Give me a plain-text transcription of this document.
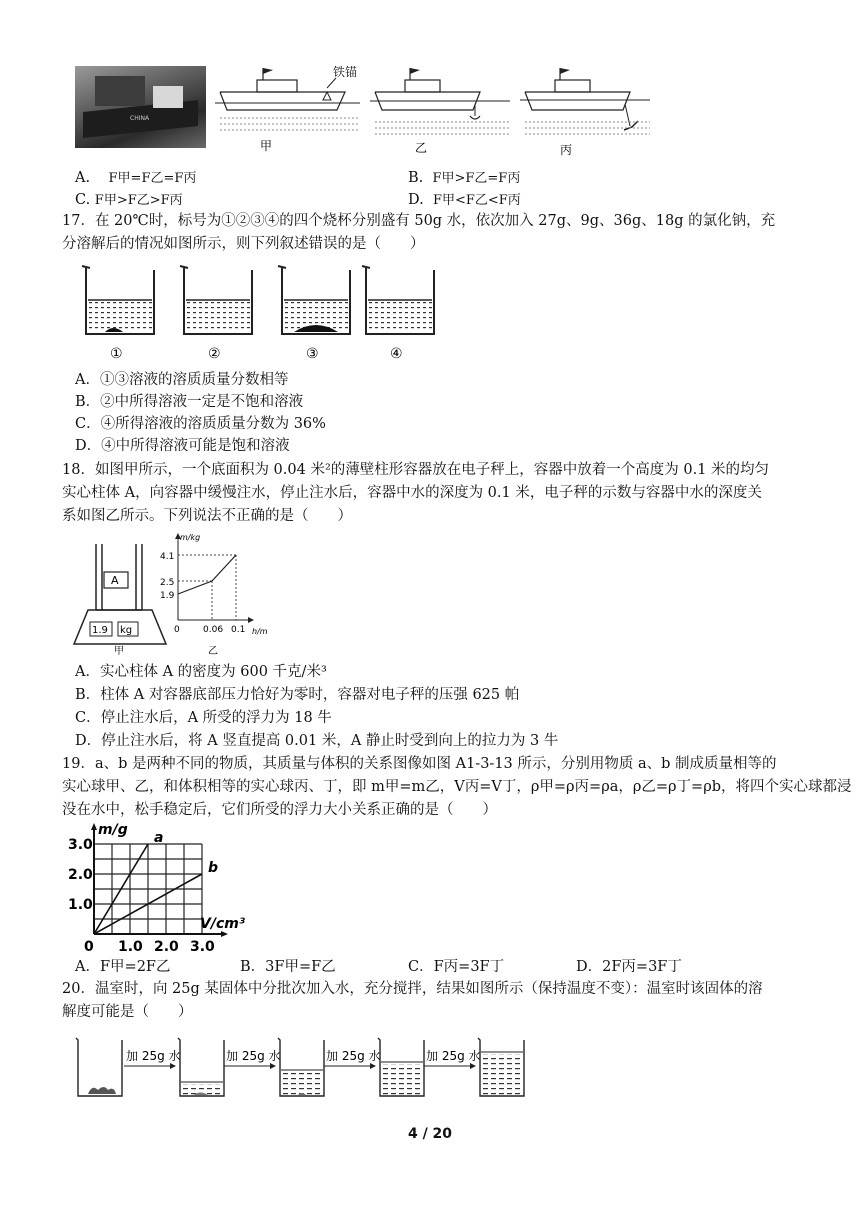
CHINA
铁锚
甲	乙	丙
A. F甲=F乙=F丙	B. F甲>F乙=F丙
C. F甲>F乙>F丙	D. F甲<F乙<F丙
17．在 20℃时，标号为①②③④的四个烧杯分别盛有 50g 水，依次加入 27g、9g、36g、18g 的氯化钠，充
分溶解后的情况如图所示，则下列叙述错误的是（　　）
①	②	③	④
A．①③溶液的溶质质量分数相等
B．②中所得溶液一定是不饱和溶液
C．④所得溶液的溶质质量分数为 36%
D．④中所得溶液可能是饱和溶液
18．如图甲所示，一个底面积为 0.04 米²的薄壁柱形容器放在电子秤上，容器中放着一个高度为 0.1 米的均匀
实心柱体 A，向容器中缓慢注水，停止注水后，容器中水的深度为 0.1 米，电子秤的示数与容器中水的深度关
系如图乙所示。下列说法不正确的是（　　）
A
1.9 kg
甲
m/kg
h/m
4.1
2.5
1.9
0	0.06 0.1
乙
A．实心柱体 A 的密度为 600 千克/米³
B．柱体 A 对容器底部压力恰好为零时，容器对电子秤的压强 625 帕
C．停止注水后，A 所受的浮力为 18 牛
D．停止注水后，将 A 竖直提高 0.01 米，A 静止时受到向上的拉力为 3 牛
19．a、b 是两种不同的物质，其质量与体积的关系图像如图 A1-3-13 所示，分别用物质 a、b 制成质量相等的
实心球甲、乙，和体积相等的实心球丙、丁，即 m甲=m乙，V丙=V丁，ρ甲=ρ丙=ρa，ρ乙=ρ丁=ρb，将四个实心球都浸
没在水中，松手稳定后，它们所受的浮力大小关系正确的是（　　）
a
b
1.0
2.0
3.0
0 1.0 2.0 3.0
m/g
V/cm³
A．F甲=2F乙	B．3F甲=F乙	C．F丙=3F丁	D．2F丙=3F丁
20．温室时，向 25g 某固体中分批次加入水，充分搅拌，结果如图所示（保持温度不变）：温室时该固体的溶
解度可能是（　　）
加 25g 水	加 25g 水	加 25g 水	加 25g 水
4 / 20
